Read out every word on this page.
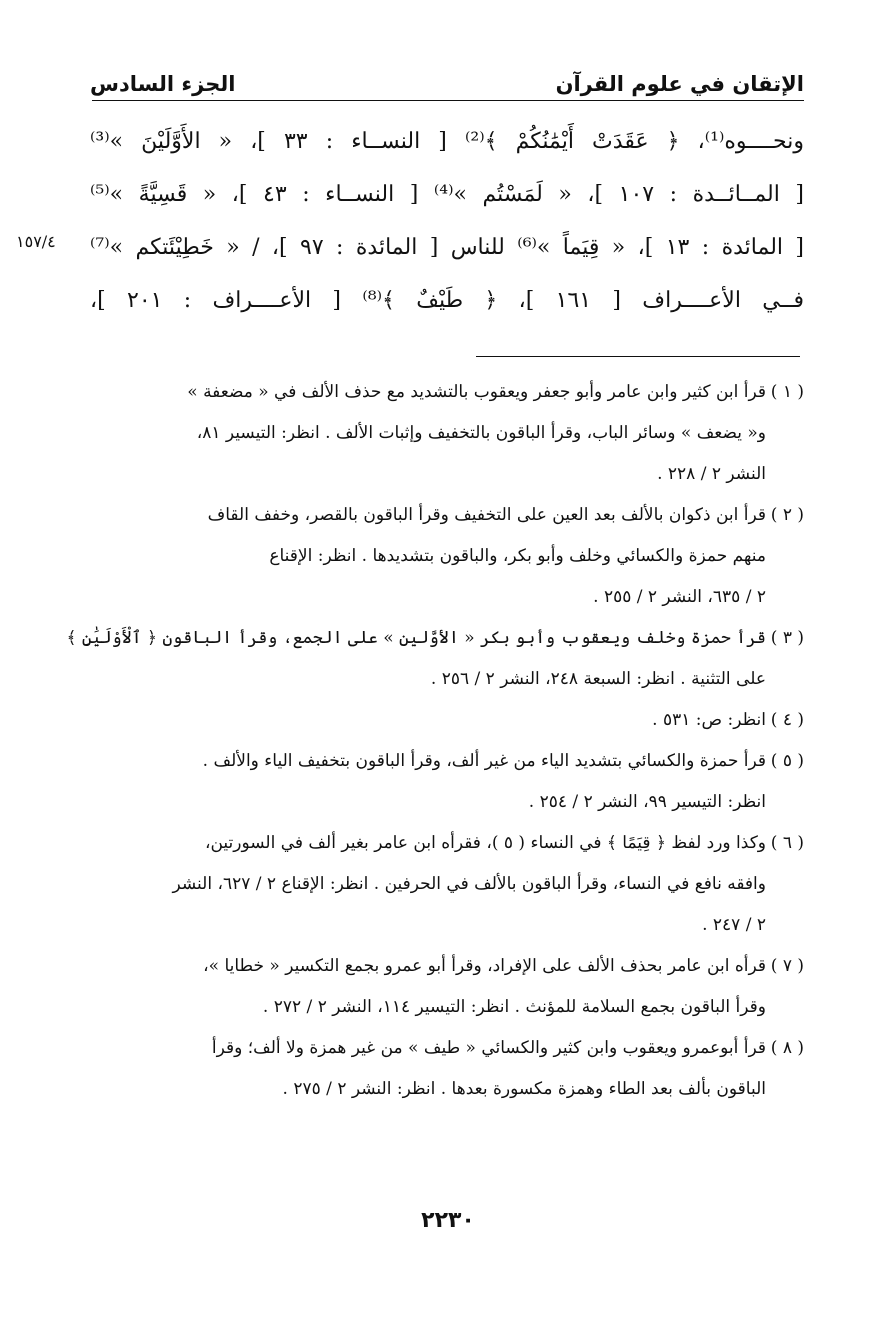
الإتقان في علوم القرآن
الجزء السادس
١٥٧/٤
ونحــــوه⁽¹⁾، ﴿ عَقَدَتْ أَيْمَٰنُكُمْ ﴾⁽²⁾ [ النســاء : ٣٣ ]، « الأَوَّلَيْنَ »⁽³⁾
[ المــائــدة : ١٠٧ ]، « لَمَسْتُم »⁽⁴⁾ [ النســاء : ٤٣ ]، « قَسِيَّةً »⁽⁵⁾
[ المائدة : ١٣ ]، « قِيَماً »⁽⁶⁾ للناس [ المائدة : ٩٧ ]، / « خَطِيْئَتكم »⁽⁷⁾
فــي الأعــــراف [ ١٦١ ]، ﴿ طَيْفٌ ﴾⁽⁸⁾ [ الأعــــراف : ٢٠١ ]،
( ١ )
قرأ ابن كثير وابن عامر وأبو جعفر ويعقوب بالتشديد مع حذف الألف في « مضعفة »
و« يضعف » وسائر الباب، وقرأ الباقون بالتخفيف وإثبات الألف . انظر: التيسير ٨١،
النشر ٢ / ٢٢٨ .
( ٢ )
قرأ ابن ذكوان بالألف بعد العين على التخفيف وقرأ الباقون بالقصر، وخفف القاف
منهم حمزة والكسائي وخلف وأبو بكر، والباقون بتشديدها . انظر: الإقناع
٢ / ٦٣٥، النشر ٢ / ٢٥٥ .
( ٣ )
قرأ حمزة وخلف ويعقوب وأبو بكر « الأوَّلين » على الجمع، وقرأ الباقون ﴿ ٱلْأَوْلَيَٰنِ ﴾
على التثنية . انظر: السبعة ٢٤٨، النشر ٢ / ٢٥٦ .
( ٤ )
انظر: ص: ٥٣١ .
( ٥ )
قرأ حمزة والكسائي بتشديد الياء من غير ألف، وقرأ الباقون بتخفيف الياء والألف .
انظر: التيسير ٩٩، النشر ٢ / ٢٥٤ .
( ٦ )
وكذا ورد لفظ ﴿ قِيَمًا ﴾ في النساء ( ٥ )، فقرأه ابن عامر بغير ألف في السورتين،
وافقه نافع في النساء، وقرأ الباقون بالألف في الحرفين . انظر: الإقناع ٢ / ٦٢٧، النشر
٢ / ٢٤٧ .
( ٧ )
قرأه ابن عامر بحذف الألف على الإفراد، وقرأ أبو عمرو بجمع التكسير « خطايا »،
وقرأ الباقون بجمع السلامة للمؤنث . انظر: التيسير ١١٤، النشر ٢ / ٢٧٢ .
( ٨ )
قرأ أبوعمرو ويعقوب وابن كثير والكسائي « طيف » من غير همزة ولا ألف؛ وقرأ
الباقون بألف بعد الطاء وهمزة مكسورة بعدها . انظر: النشر ٢ / ٢٧٥ .
٢٢٣٠
